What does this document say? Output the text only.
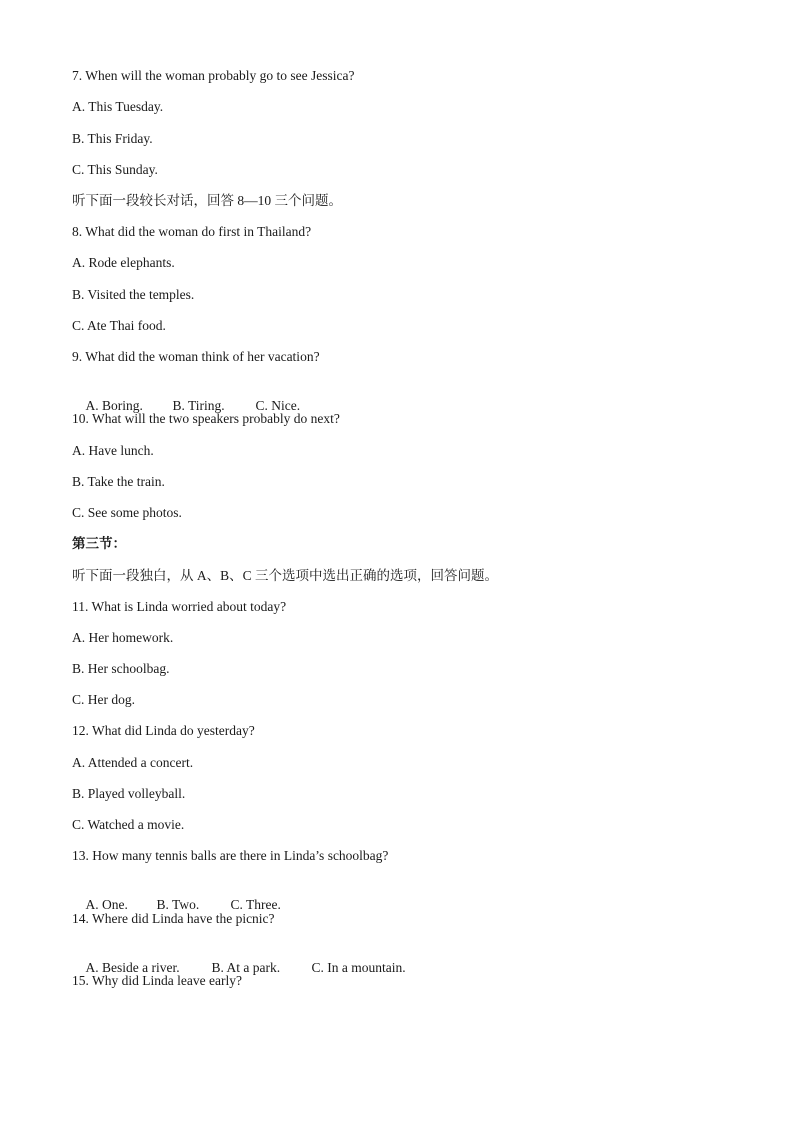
7. When will the woman probably go to see Jessica?
A. This Tuesday.
B. This Friday.
C. This Sunday.
听下面一段较长对话，回答 8—10 三个问题。
8. What did the woman do first in Thailand?
A. Rode elephants.
B. Visited the temples.
C. Ate Thai food.
9. What did the woman think of her vacation?

A. Boring. B. Tiring. C. Nice.

10. What will the two speakers probably do next?
A. Have lunch.
B. Take the train.
C. See some photos.
第三节：
听下面一段独白，从 A、B、C 三个选项中选出正确的选项，回答问题。
11. What is Linda worried about today?
A. Her homework.
B. Her schoolbag.
C. Her dog.
12. What did Linda do yesterday?
A. Attended a concert.
B. Played volleyball.
C. Watched a movie.
13. How many tennis balls are there in Linda’s schoolbag?

A. One. B. Two. C. Three.

14. Where did Linda have the picnic?

A. Beside a river. B. At a park. C. In a mountain.

15. Why did Linda leave early?
